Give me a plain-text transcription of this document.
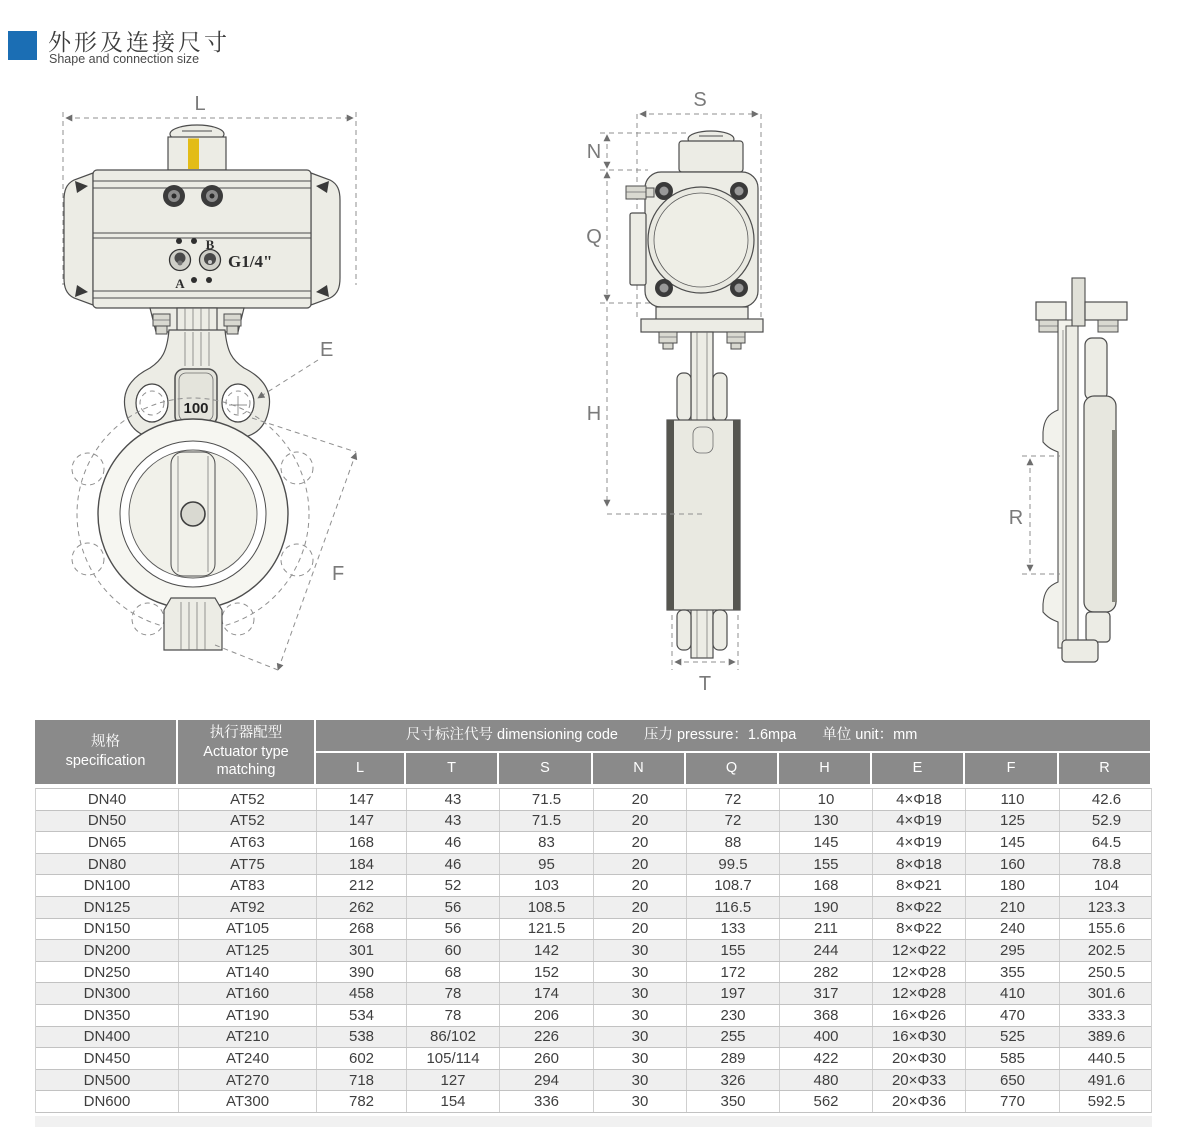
外形及连接尺寸
Shape and connection size
L
B
A
G1/4"
100
E
F
S
N
Q
H
T
R
规格
specification
执行器配型
Actuator type
matching
尺寸标注代号 dimensioning code 压力 pressure：1.6mpa 单位 unit：mm
L	T	S	N	Q	H	E	F	R
DN40	AT52	147	43	71.5	20	72	10	4×Φ18	110	42.6
DN50	AT52	147	43	71.5	20	72	130	4×Φ19	125	52.9
DN65	AT63	168	46	83	20	88	145	4×Φ19	145	64.5
DN80	AT75	184	46	95	20	99.5	155	8×Φ18	160	78.8
DN100	AT83	212	52	103	20	108.7	168	8×Φ21	180	104
DN125	AT92	262	56	108.5	20	116.5	190	8×Φ22	210	123.3
DN150	AT105	268	56	121.5	20	133	211	8×Φ22	240	155.6
DN200	AT125	301	60	142	30	155	244	12×Φ22	295	202.5
DN250	AT140	390	68	152	30	172	282	12×Φ28	355	250.5
DN300	AT160	458	78	174	30	197	317	12×Φ28	410	301.6
DN350	AT190	534	78	206	30	230	368	16×Φ26	470	333.3
DN400	AT210	538	86/102	226	30	255	400	16×Φ30	525	389.6
DN450	AT240	602	105/114	260	30	289	422	20×Φ30	585	440.5
DN500	AT270	718	127	294	30	326	480	20×Φ33	650	491.6
DN600	AT300	782	154	336	30	350	562	20×Φ36	770	592.5
